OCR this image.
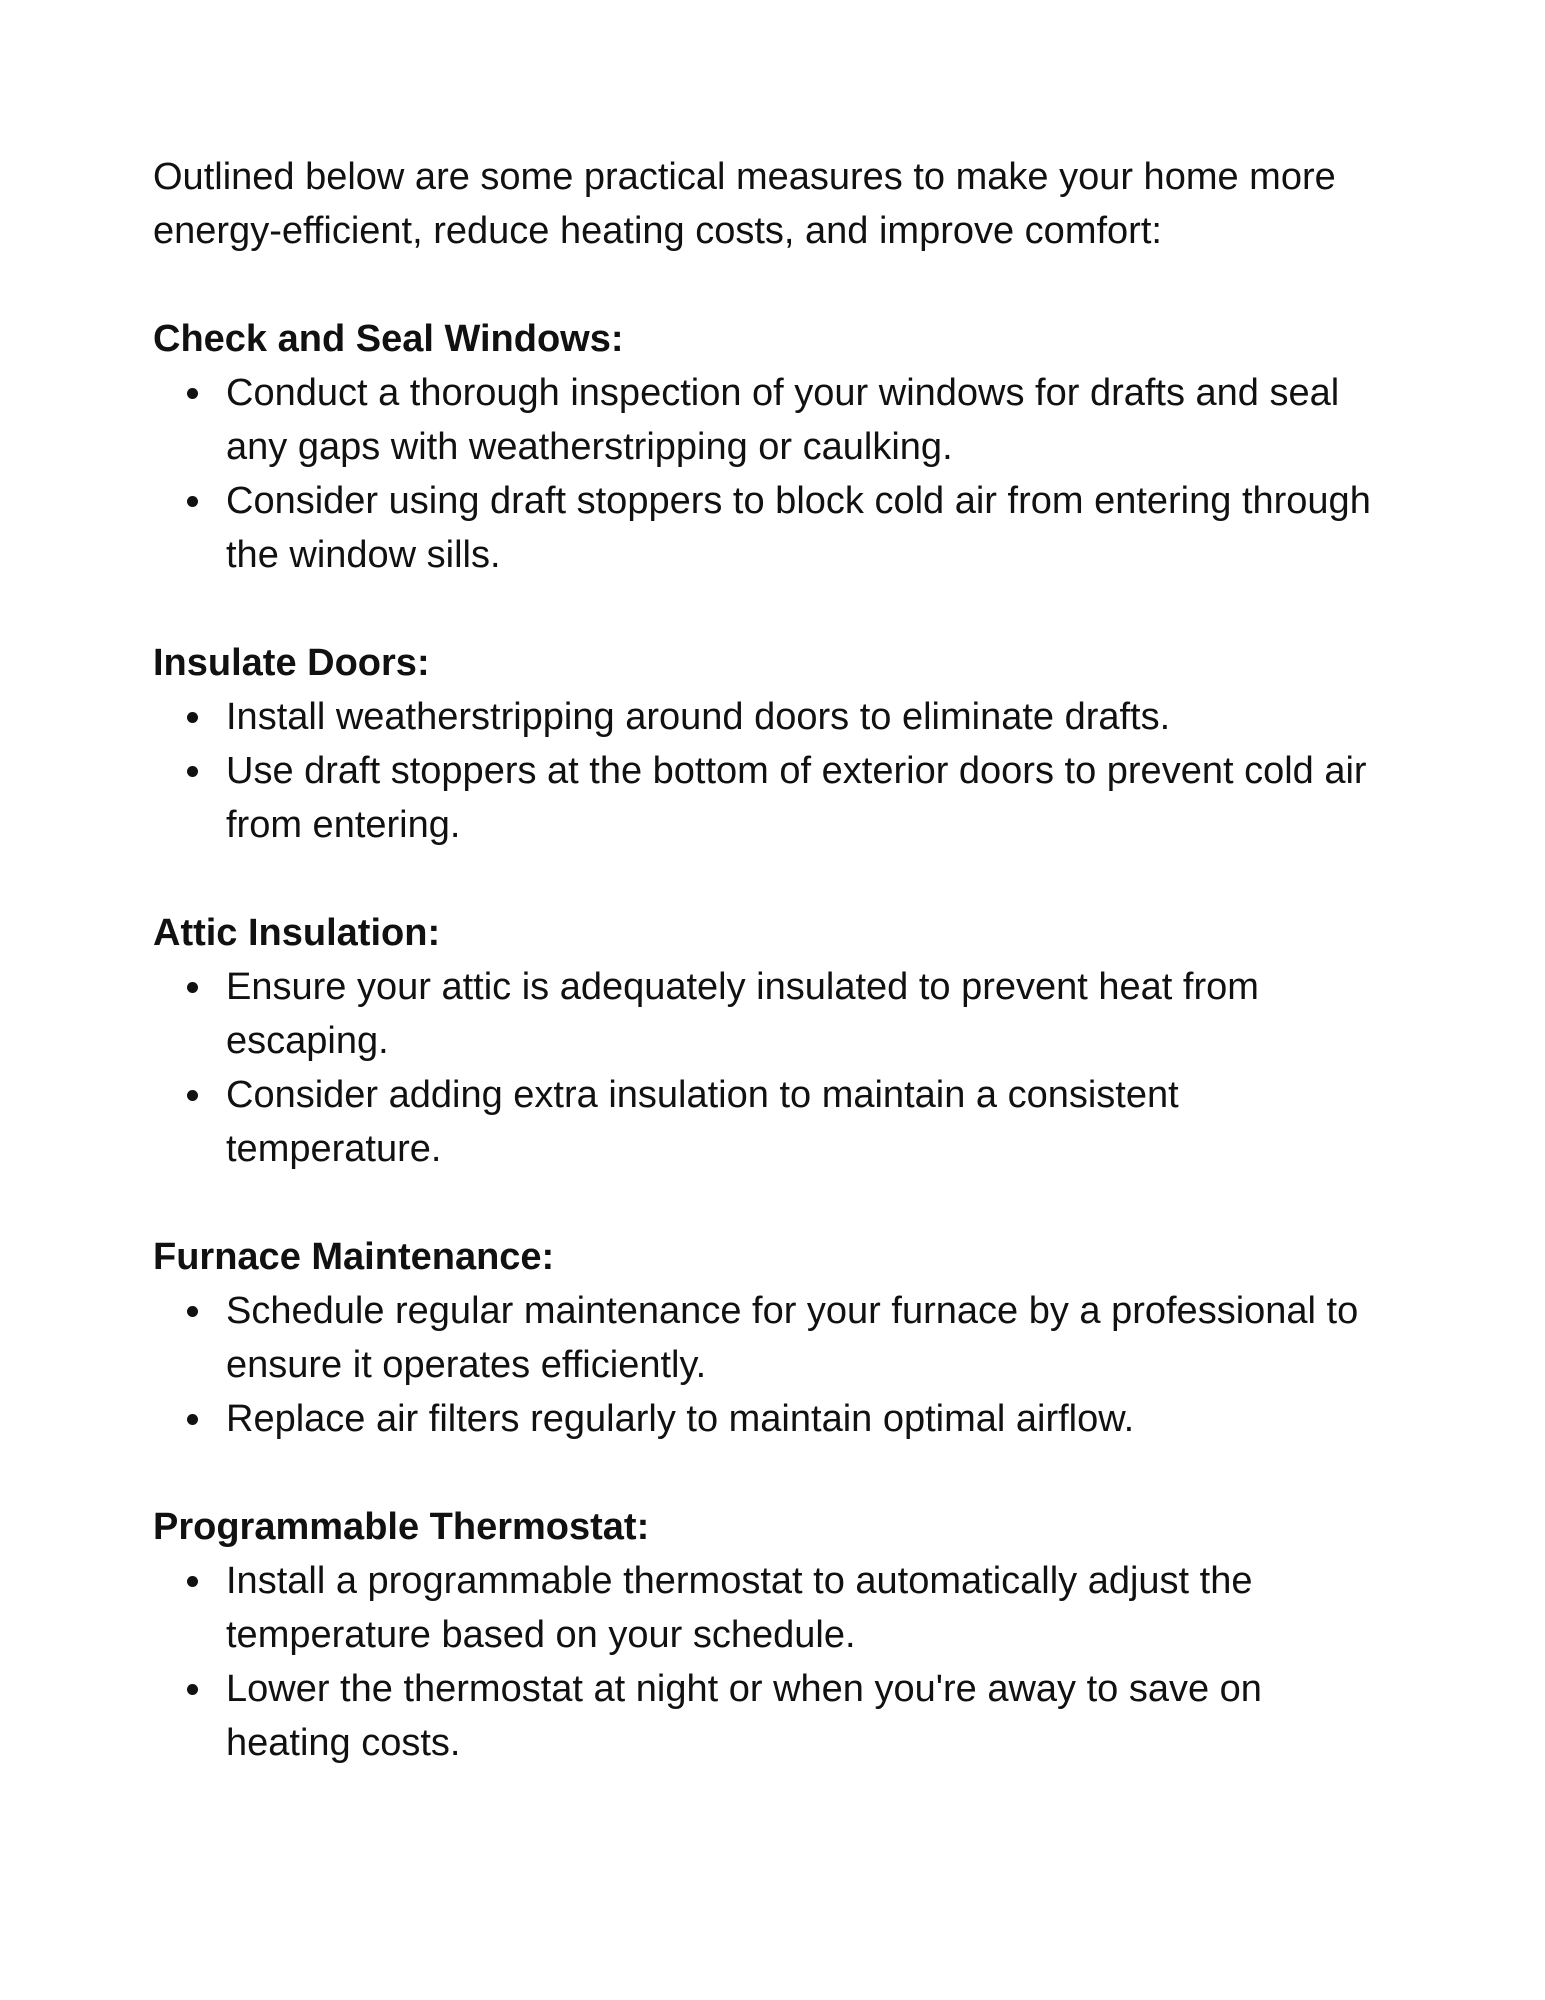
Outlined below are some practical measures to make your home more energy-efficient, reduce heating costs, and improve comfort:

Check and Seal Windows:

Conduct a thorough inspection of your windows for drafts and seal any gaps with weatherstripping or caulking.
Consider using draft stoppers to block cold air from entering through the window sills.

Insulate Doors:

Install weatherstripping around doors to eliminate drafts.
Use draft stoppers at the bottom of exterior doors to prevent cold air from entering.

Attic Insulation:

Ensure your attic is adequately insulated to prevent heat from escaping.
Consider adding extra insulation to maintain a consistent temperature.

Furnace Maintenance:

Schedule regular maintenance for your furnace by a professional to ensure it operates efficiently.
Replace air filters regularly to maintain optimal airflow.

Programmable Thermostat:

Install a programmable thermostat to automatically adjust the temperature based on your schedule.
Lower the thermostat at night or when you're away to save on heating costs.
